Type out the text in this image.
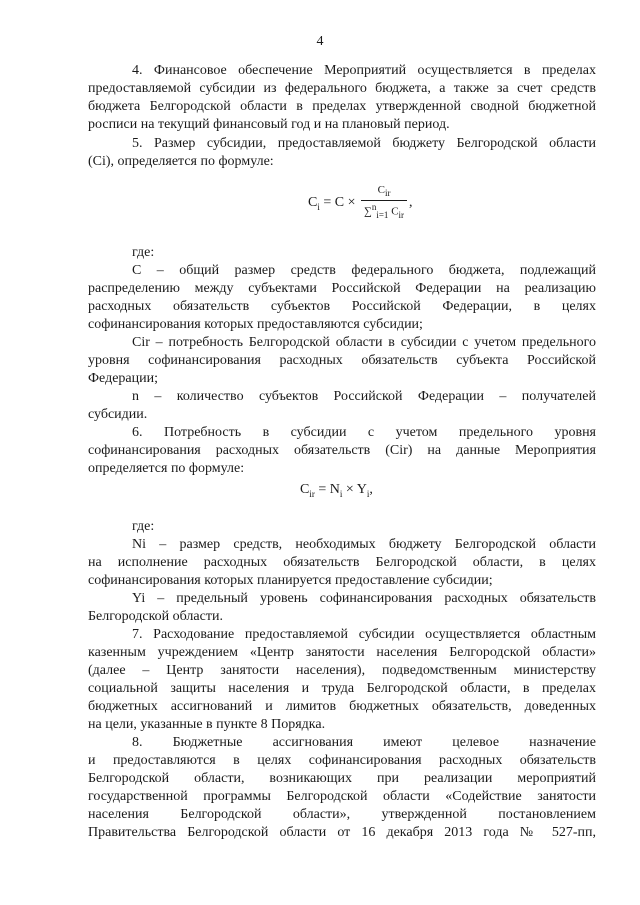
4
4. Финансовое обеспечение Мероприятий осуществляется в пределах
предоставляемой субсидии из федерального бюджета, а также за счет средств
бюджета Белгородской области в пределах утвержденной сводной бюджетной
росписи на текущий финансовый год и на плановый период.
5. Размер субсидии, предоставляемой бюджету Белгородской области
(Сi), определяется по формуле:
$С_i = С \times \frac{С_{ir}}{\sum^n_{i=1} С_{ir}}$ ,
где:
С – общий размер средств федерального бюджета, подлежащий
распределению между субъектами Российской Федерации на реализацию
расходных обязательств субъектов Российской Федерации, в целях
софинансирования которых предоставляются субсидии;
Сir – потребность Белгородской области в субсидии с учетом предельного
уровня софинансирования расходных обязательств субъекта Российской
Федерации;
n – количество субъектов Российской Федерации – получателей
субсидии.
6. Потребность в субсидии с учетом предельного уровня
софинансирования расходных обязательств (Сir) на данные Мероприятия
определяется по формуле:
$С_{ir} = N_i \times Y_i$,
где:
Ni – размер средств, необходимых бюджету Белгородской области
на исполнение расходных обязательств Белгородской области, в целях
софинансирования которых планируется предоставление субсидии;
Yi – предельный уровень софинансирования расходных обязательств
Белгородской области.
7. Расходование предоставляемой субсидии осуществляется областным
казенным учреждением «Центр занятости населения Белгородской области»
(далее – Центр занятости населения), подведомственным министерству
социальной защиты населения и труда Белгородской области, в пределах
бюджетных ассигнований и лимитов бюджетных обязательств, доведенных
на цели, указанные в пункте 8 Порядка.
8. Бюджетные ассигнования имеют целевое назначение
и предоставляются в целях софинансирования расходных обязательств
Белгородской области, возникающих при реализации мероприятий
государственной программы Белгородской области «Содействие занятости
населения Белгородской области», утвержденной постановлением
Правительства Белгородской области от 16 декабря 2013 года № 527-пп,
